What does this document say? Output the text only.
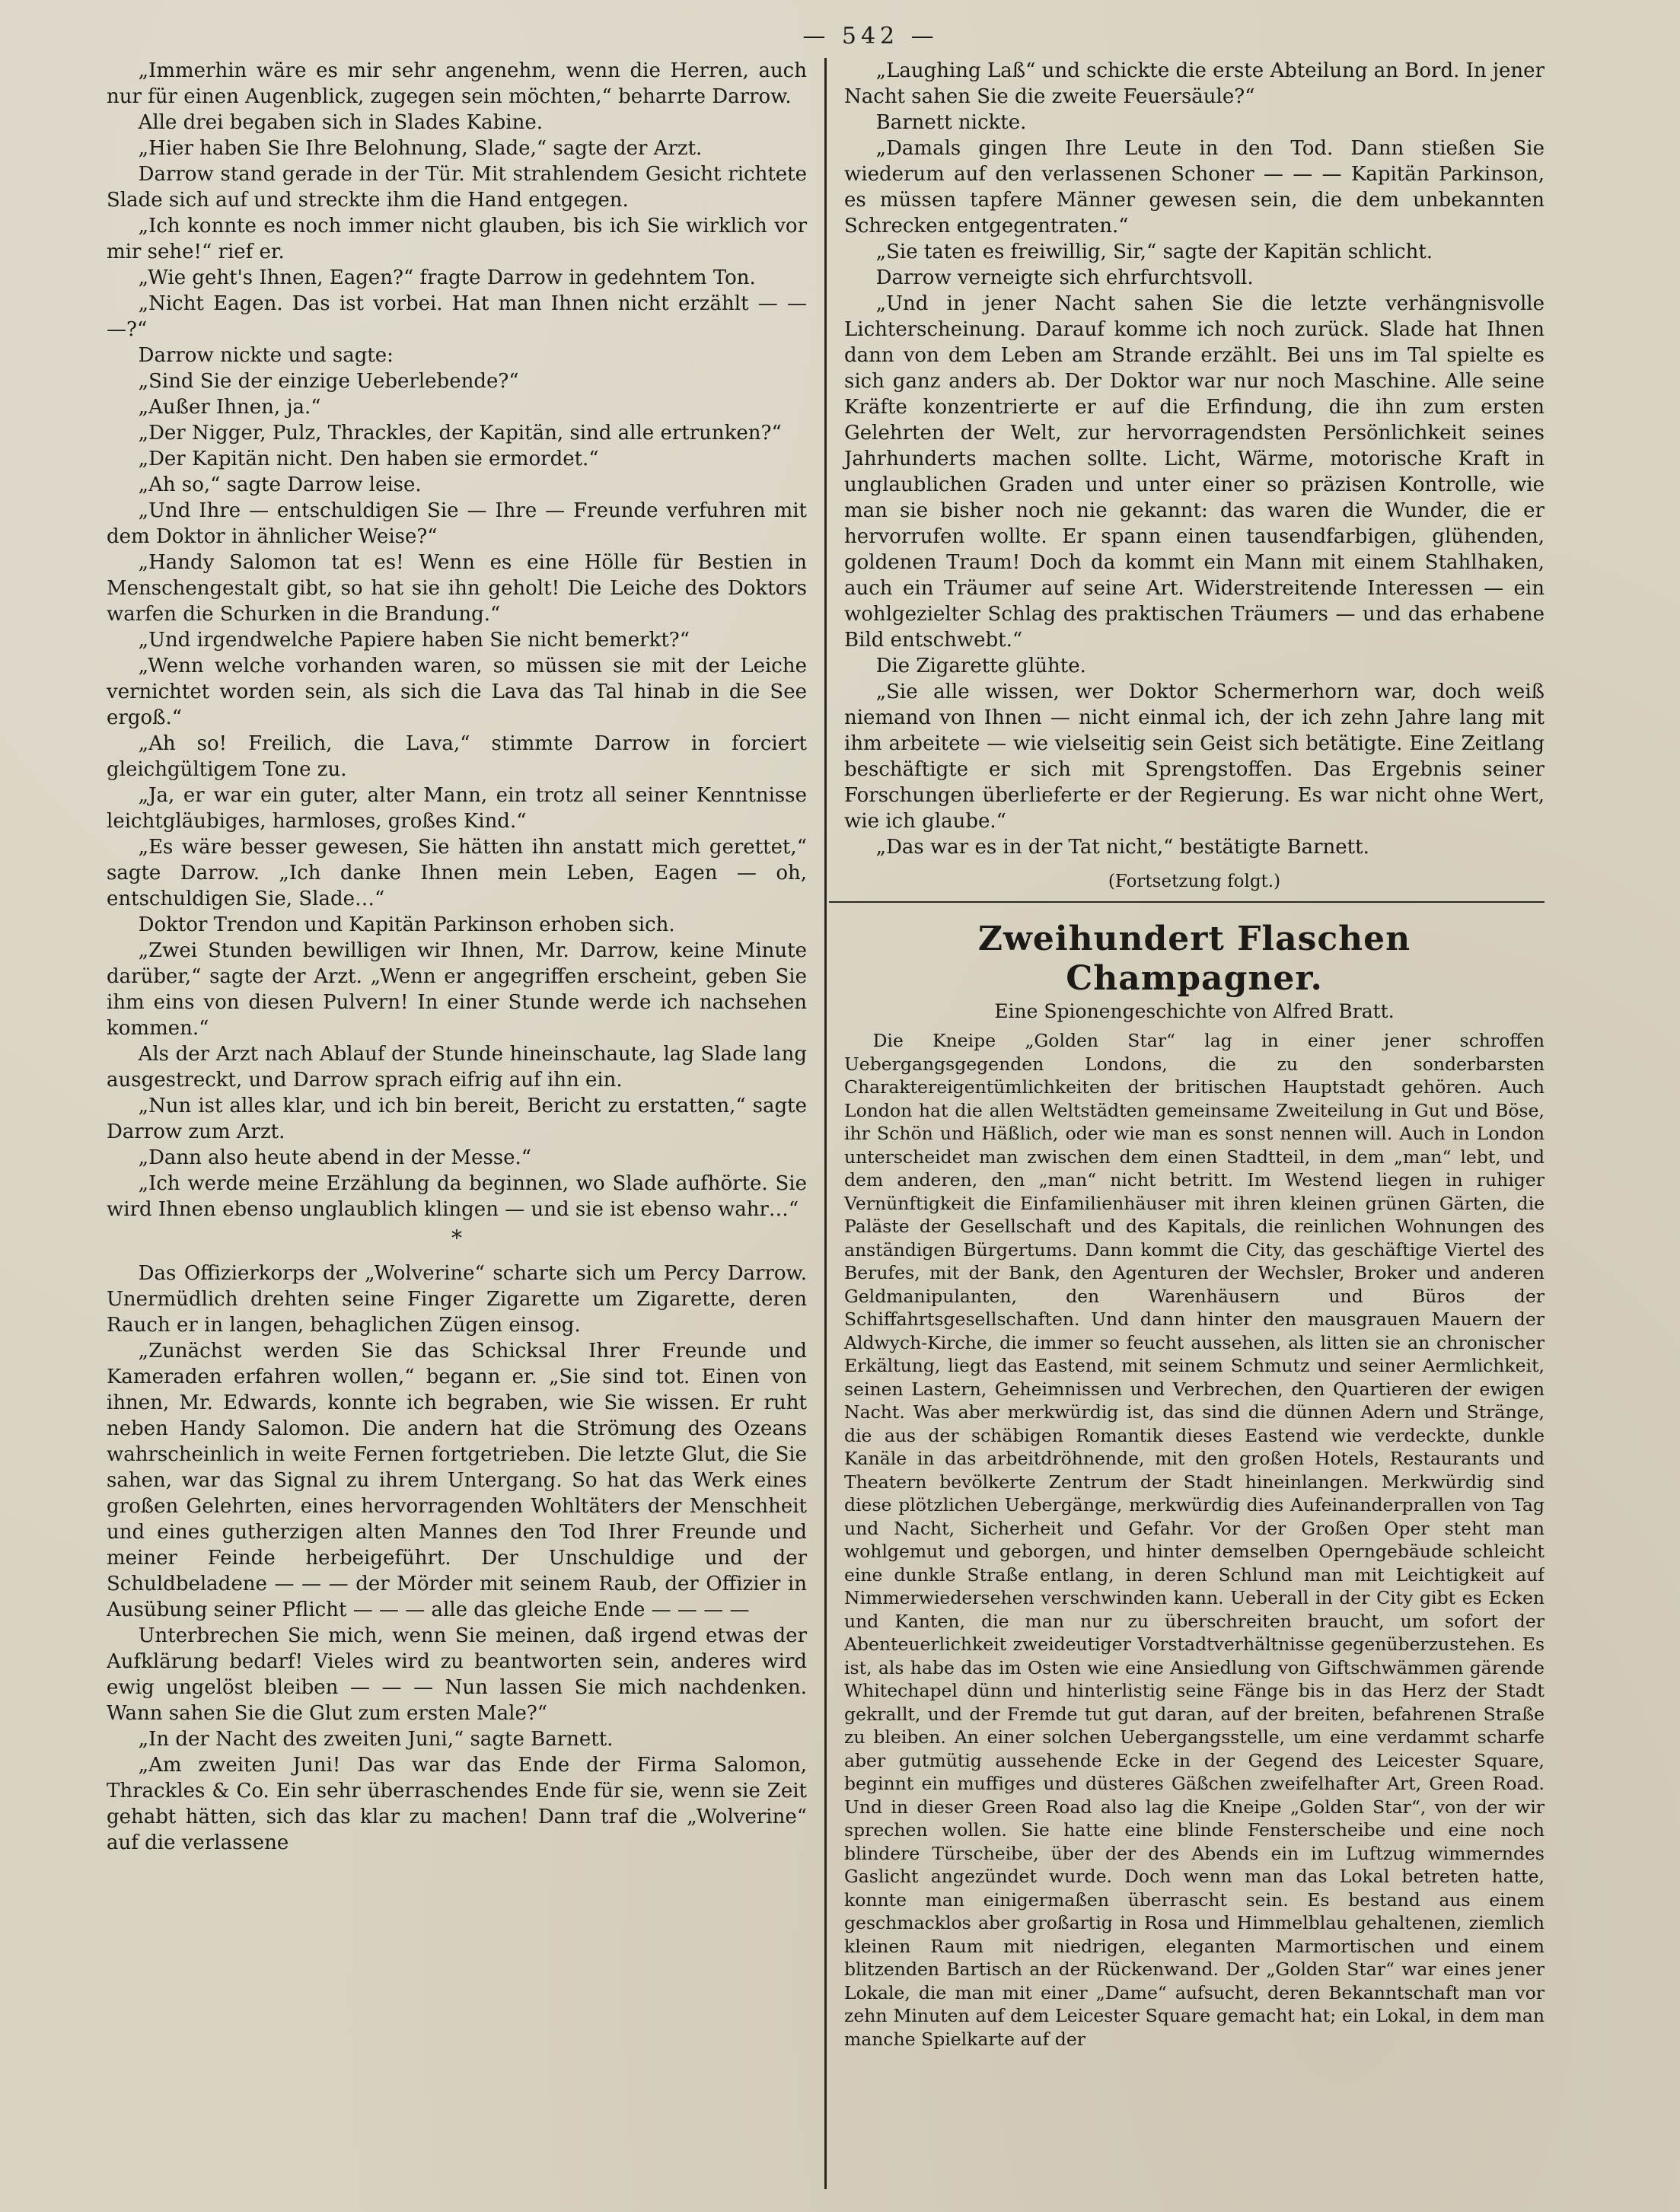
— 542 —

„Immerhin wäre es mir sehr angenehm, wenn die Herren, auch nur für einen Augenblick, zugegen sein möchten,“ beharrte Darrow.

Alle drei begaben sich in Slades Kabine.

„Hier haben Sie Ihre Belohnung, Slade,“ sagte der Arzt.

Darrow stand gerade in der Tür. Mit strahlendem Gesicht richtete Slade sich auf und streckte ihm die Hand entgegen.

„Ich konnte es noch immer nicht glauben, bis ich Sie wirklich vor mir sehe!“ rief er.

„Wie geht's Ihnen, Eagen?“ fragte Darrow in gedehntem Ton.

„Nicht Eagen. Das ist vorbei. Hat man Ihnen nicht erzählt — — —?“

Darrow nickte und sagte:

„Sind Sie der einzige Ueberlebende?“

„Außer Ihnen, ja.“

„Der Nigger, Pulz, Thrackles, der Kapitän, sind alle ertrunken?“

„Der Kapitän nicht. Den haben sie ermordet.“

„Ah so,“ sagte Darrow leise.

„Und Ihre — entschuldigen Sie — Ihre — Freunde verfuhren mit dem Doktor in ähnlicher Weise?“

„Handy Salomon tat es! Wenn es eine Hölle für Bestien in Menschengestalt gibt, so hat sie ihn geholt! Die Leiche des Doktors warfen die Schurken in die Brandung.“

„Und irgendwelche Papiere haben Sie nicht bemerkt?“

„Wenn welche vorhanden waren, so müssen sie mit der Leiche vernichtet worden sein, als sich die Lava das Tal hinab in die See ergoß.“

„Ah so! Freilich, die Lava,“ stimmte Darrow in forciert gleichgültigem Tone zu.

„Ja, er war ein guter, alter Mann, ein trotz all seiner Kenntnisse leichtgläubiges, harmloses, großes Kind.“

„Es wäre besser gewesen, Sie hätten ihn anstatt mich gerettet,“ sagte Darrow. „Ich danke Ihnen mein Leben, Eagen — oh, entschuldigen Sie, Slade…“

Doktor Trendon und Kapitän Parkinson erhoben sich.

„Zwei Stunden bewilligen wir Ihnen, Mr. Darrow, keine Minute darüber,“ sagte der Arzt. „Wenn er angegriffen erscheint, geben Sie ihm eins von diesen Pulvern! In einer Stunde werde ich nachsehen kommen.“

Als der Arzt nach Ablauf der Stunde hineinschaute, lag Slade lang ausgestreckt, und Darrow sprach eifrig auf ihn ein.

„Nun ist alles klar, und ich bin bereit, Bericht zu erstatten,“ sagte Darrow zum Arzt.

„Dann also heute abend in der Messe.“

„Ich werde meine Erzählung da beginnen, wo Slade aufhörte. Sie wird Ihnen ebenso unglaublich klingen — und sie ist ebenso wahr…“

*

Das Offizierkorps der „Wolverine“ scharte sich um Percy Darrow. Unermüdlich drehten seine Finger Zigarette um Zigarette, deren Rauch er in langen, behaglichen Zügen einsog.

„Zunächst werden Sie das Schicksal Ihrer Freunde und Kameraden erfahren wollen,“ begann er. „Sie sind tot. Einen von ihnen, Mr. Edwards, konnte ich begraben, wie Sie wissen. Er ruht neben Handy Salomon. Die andern hat die Strömung des Ozeans wahrscheinlich in weite Fernen fortgetrieben. Die letzte Glut, die Sie sahen, war das Signal zu ihrem Untergang. So hat das Werk eines großen Gelehrten, eines hervorragenden Wohltäters der Menschheit und eines gutherzigen alten Mannes den Tod Ihrer Freunde und meiner Feinde herbeigeführt. Der Unschuldige und der Schuldbeladene — — — der Mörder mit seinem Raub, der Offizier in Ausübung seiner Pflicht — — — alle das gleiche Ende — — — —

Unterbrechen Sie mich, wenn Sie meinen, daß irgend etwas der Aufklärung bedarf! Vieles wird zu beantworten sein, anderes wird ewig ungelöst bleiben — — — Nun lassen Sie mich nachdenken. Wann sahen Sie die Glut zum ersten Male?“

„In der Nacht des zweiten Juni,“ sagte Barnett.

„Am zweiten Juni! Das war das Ende der Firma Salomon, Thrackles & Co. Ein sehr überraschendes Ende für sie, wenn sie Zeit gehabt hätten, sich das klar zu machen! Dann traf die „Wolverine“ auf die verlassene

„Laughing Laß“ und schickte die erste Abteilung an Bord. In jener Nacht sahen Sie die zweite Feuersäule?“

Barnett nickte.

„Damals gingen Ihre Leute in den Tod. Dann stießen Sie wiederum auf den verlassenen Schoner — — — Kapitän Parkinson, es müssen tapfere Männer gewesen sein, die dem unbekannten Schrecken entgegentraten.“

„Sie taten es freiwillig, Sir,“ sagte der Kapitän schlicht.

Darrow verneigte sich ehrfurchtsvoll.

„Und in jener Nacht sahen Sie die letzte verhängnisvolle Lichterscheinung. Darauf komme ich noch zurück. Slade hat Ihnen dann von dem Leben am Strande erzählt. Bei uns im Tal spielte es sich ganz anders ab. Der Doktor war nur noch Maschine. Alle seine Kräfte konzentrierte er auf die Erfindung, die ihn zum ersten Gelehrten der Welt, zur hervorragendsten Persönlichkeit seines Jahrhunderts machen sollte. Licht, Wärme, motorische Kraft in unglaublichen Graden und unter einer so präzisen Kontrolle, wie man sie bisher noch nie gekannt: das waren die Wunder, die er hervorrufen wollte. Er spann einen tausendfarbigen, glühenden, goldenen Traum! Doch da kommt ein Mann mit einem Stahlhaken, auch ein Träumer auf seine Art. Widerstreitende Interessen — ein wohlgezielter Schlag des praktischen Träumers — und das erhabene Bild entschwebt.“

Die Zigarette glühte.

„Sie alle wissen, wer Doktor Schermerhorn war, doch weiß niemand von Ihnen — nicht einmal ich, der ich zehn Jahre lang mit ihm arbeitete — wie vielseitig sein Geist sich betätigte. Eine Zeitlang beschäftigte er sich mit Sprengstoffen. Das Ergebnis seiner Forschungen überlieferte er der Regierung. Es war nicht ohne Wert, wie ich glaube.“

„Das war es in der Tat nicht,“ bestätigte Barnett.

(Fortsetzung folgt.)
Zweihundert Flaschen Champagner.
Eine Spionengeschichte von Alfred Bratt.

Die Kneipe „Golden Star“ lag in einer jener schroffen Uebergangsgegenden Londons, die zu den sonderbarsten Charaktereigentümlichkeiten der britischen Hauptstadt gehören. Auch London hat die allen Weltstädten gemeinsame Zweiteilung in Gut und Böse, ihr Schön und Häßlich, oder wie man es sonst nennen will. Auch in London unterscheidet man zwischen dem einen Stadtteil, in dem „man“ lebt, und dem anderen, den „man“ nicht betritt. Im Westend liegen in ruhiger Vernünftigkeit die Einfamilienhäuser mit ihren kleinen grünen Gärten, die Paläste der Gesellschaft und des Kapitals, die reinlichen Wohnungen des anständigen Bürgertums. Dann kommt die City, das geschäftige Viertel des Berufes, mit der Bank, den Agenturen der Wechsler, Broker und anderen Geldmanipulanten, den Warenhäusern und Büros der Schiffahrtsgesellschaften. Und dann hinter den mausgrauen Mauern der Aldwych-Kirche, die immer so feucht aussehen, als litten sie an chronischer Erkältung, liegt das Eastend, mit seinem Schmutz und seiner Aermlichkeit, seinen Lastern, Geheimnissen und Verbrechen, den Quartieren der ewigen Nacht. Was aber merkwürdig ist, das sind die dünnen Adern und Stränge, die aus der schäbigen Romantik dieses Eastend wie verdeckte, dunkle Kanäle in das arbeitdröhnende, mit den großen Hotels, Restaurants und Theatern bevölkerte Zentrum der Stadt hineinlangen. Merkwürdig sind diese plötzlichen Uebergänge, merkwürdig dies Aufeinanderprallen von Tag und Nacht, Sicherheit und Gefahr. Vor der Großen Oper steht man wohlgemut und geborgen, und hinter demselben Operngebäude schleicht eine dunkle Straße entlang, in deren Schlund man mit Leichtigkeit auf Nimmerwiedersehen verschwinden kann. Ueberall in der City gibt es Ecken und Kanten, die man nur zu überschreiten braucht, um sofort der Abenteuerlichkeit zweideutiger Vorstadtverhältnisse gegenüberzustehen. Es ist, als habe das im Osten wie eine Ansiedlung von Giftschwämmen gärende Whitechapel dünn und hinterlistig seine Fänge bis in das Herz der Stadt gekrallt, und der Fremde tut gut daran, auf der breiten, befahrenen Straße zu bleiben. An einer solchen Uebergangsstelle, um eine verdammt scharfe aber gutmütig aussehende Ecke in der Gegend des Leicester Square, beginnt ein muffiges und düsteres Gäßchen zweifelhafter Art, Green Road. Und in dieser Green Road also lag die Kneipe „Golden Star“, von der wir sprechen wollen. Sie hatte eine blinde Fensterscheibe und eine noch blindere Türscheibe, über der des Abends ein im Luftzug wimmerndes Gaslicht angezündet wurde. Doch wenn man das Lokal betreten hatte, konnte man einigermaßen überrascht sein. Es bestand aus einem geschmacklos aber großartig in Rosa und Himmelblau gehaltenen, ziemlich kleinen Raum mit niedrigen, eleganten Marmortischen und einem blitzenden Bartisch an der Rückenwand. Der „Golden Star“ war eines jener Lokale, die man mit einer „Dame“ aufsucht, deren Bekanntschaft man vor zehn Minuten auf dem Leicester Square gemacht hat; ein Lokal, in dem man manche Spielkarte auf der
